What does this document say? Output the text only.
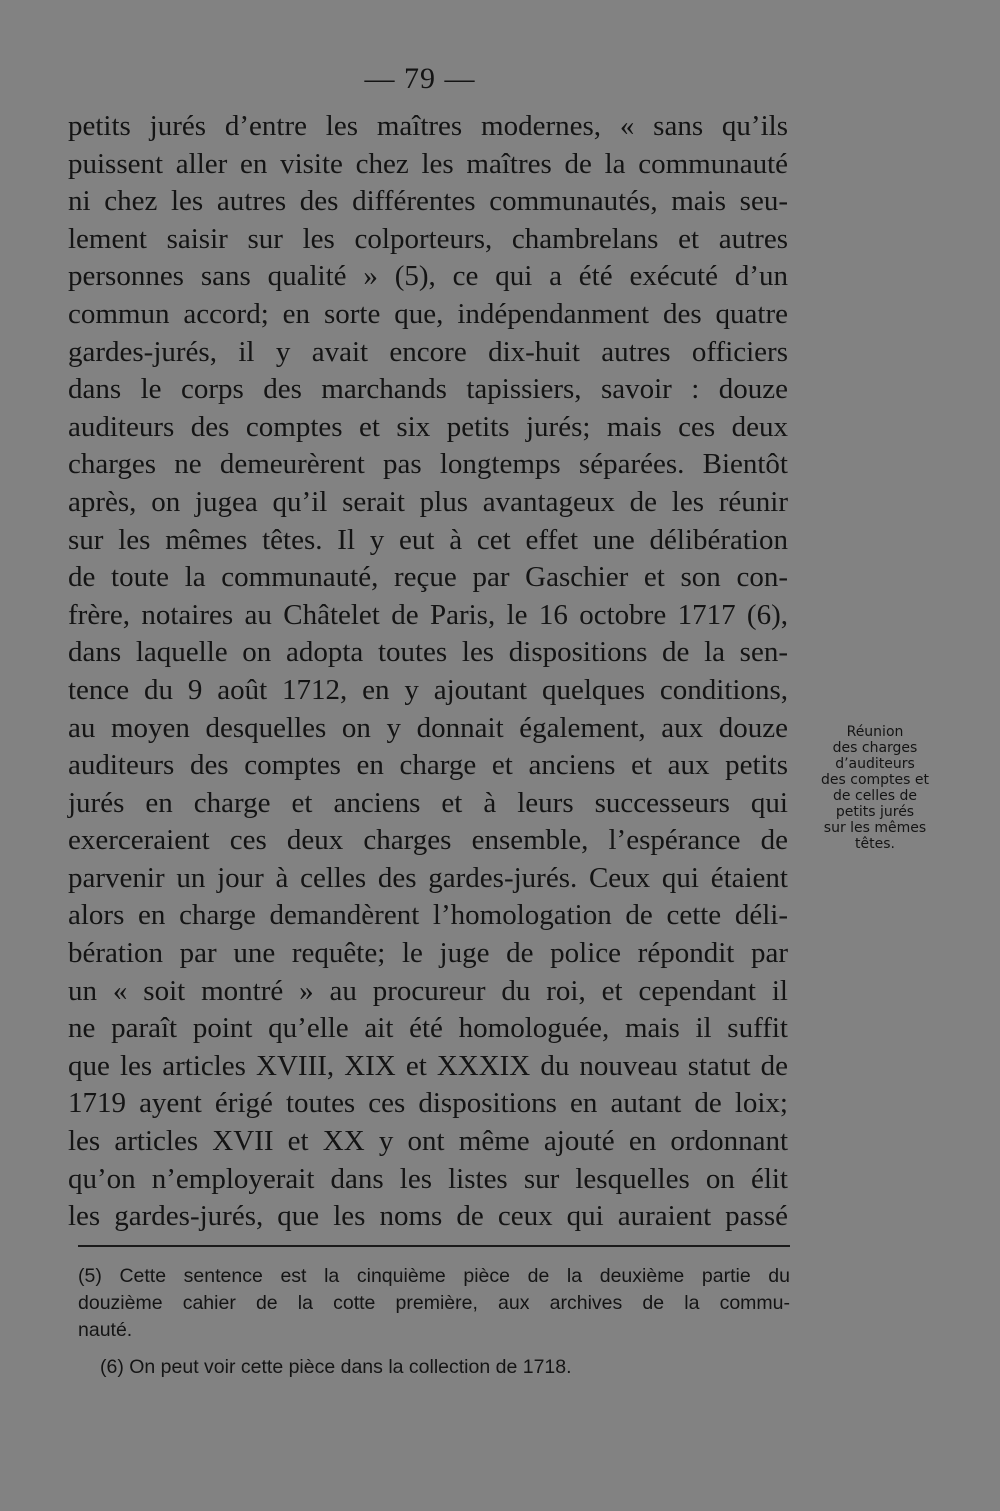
— 79 —
petits jurés d’entre les maîtres modernes, « sans qu’ils
puissent aller en visite chez les maîtres de la communauté
ni chez les autres des différentes communautés, mais seu-
lement saisir sur les colporteurs, chambrelans et autres
personnes sans qualité » (5), ce qui a été exécuté d’un
commun accord; en sorte que, indépendanment des quatre
gardes-jurés, il y avait encore dix-huit autres officiers
dans le corps des marchands tapissiers, savoir : douze
auditeurs des comptes et six petits jurés; mais ces deux
charges ne demeurèrent pas longtemps séparées. Bientôt
après, on jugea qu’il serait plus avantageux de les réunir
sur les mêmes têtes. Il y eut à cet effet une délibération
de toute la communauté, reçue par Gaschier et son con-
frère, notaires au Châtelet de Paris, le 16 octobre 1717 (6),
dans laquelle on adopta toutes les dispositions de la sen-
tence du 9 août 1712, en y ajoutant quelques conditions,
au moyen desquelles on y donnait également, aux douze
auditeurs des comptes en charge et anciens et aux petits
jurés en charge et anciens et à leurs successeurs qui
exerceraient ces deux charges ensemble, l’espérance de
parvenir un jour à celles des gardes-jurés. Ceux qui étaient
alors en charge demandèrent l’homologation de cette déli-
bération par une requête; le juge de police répondit par
un « soit montré » au procureur du roi, et cependant il
ne paraît point qu’elle ait été homologuée, mais il suffit
que les articles XVIII, XIX et XXXIX du nouveau statut de
1719 ayent érigé toutes ces dispositions en autant de loix;
les articles XVII et XX y ont même ajouté en ordonnant
qu’on n’employerait dans les listes sur lesquelles on élit
les gardes-jurés, que les noms de ceux qui auraient passé
Réunion
des charges
d’auditeurs
des comptes et
de celles de
petits jurés
sur les mêmes
têtes.
(5) Cette sentence est la cinquième pièce de la deuxième partie du
douzième cahier de la cotte première, aux archives de la commu-
nauté.
(6) On peut voir cette pièce dans la collection de 1718.
